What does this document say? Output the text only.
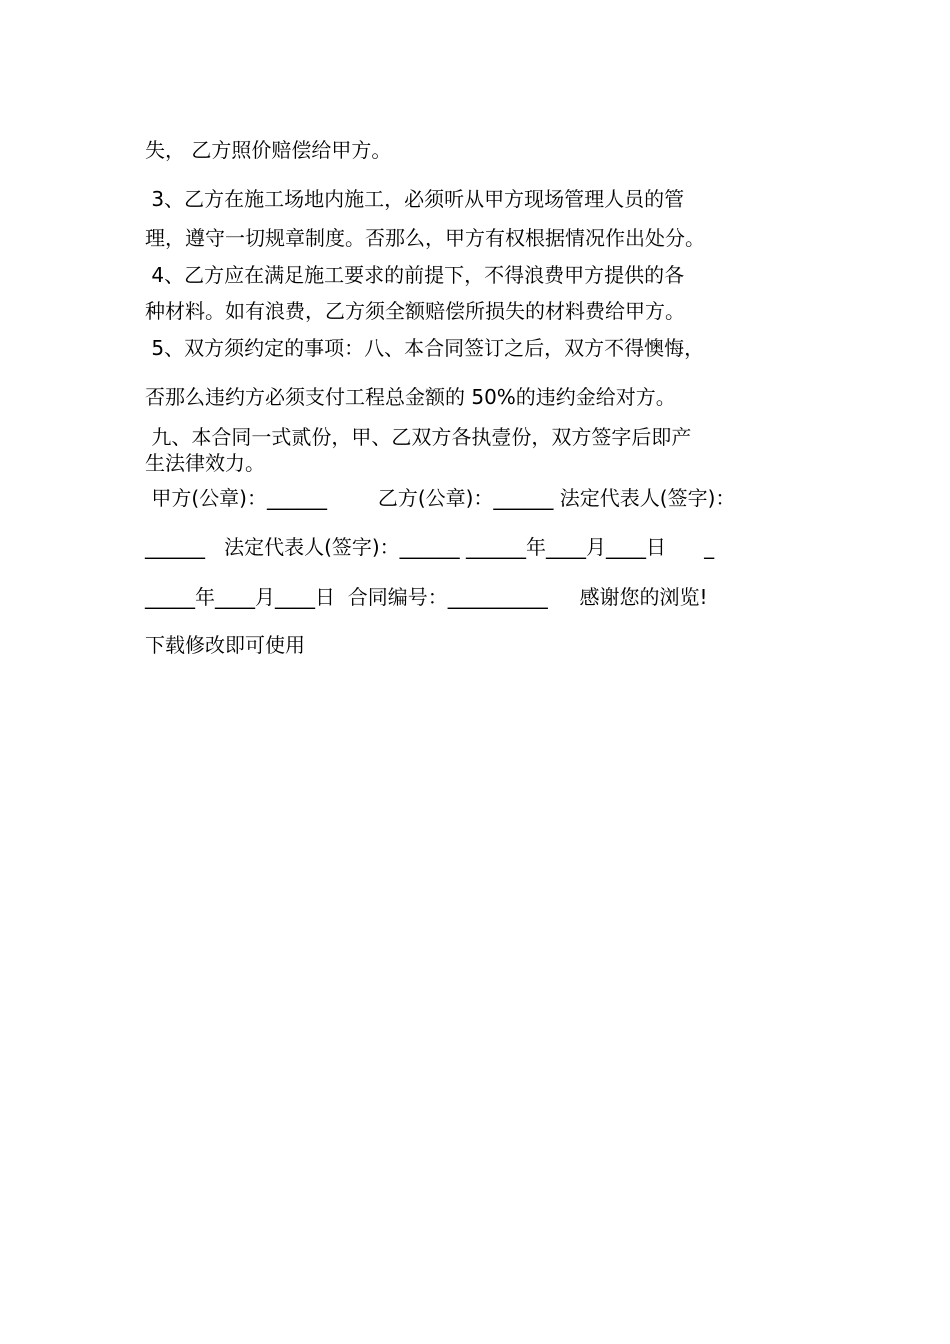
失， 乙方照价赔偿给甲方。
3、乙方在施工场地内施工，必须听从甲方现场管理人员的管
理，遵守一切规章制度。否那么，甲方有权根据情况作出处分。
4、乙方应在满足施工要求的前提下，不得浪费甲方提供的各
种材料。如有浪费，乙方须全额赔偿所损失的材料费给甲方。
5、双方须约定的事项：八、本合同签订之后，双方不得懊悔，
否那么违约方必须支付工程总金额的 50%的违约金给对方。
九、本合同一式贰份，甲、乙双方各执壹份，双方签字后即产
生法律效力。
甲方(公章)：______        乙方(公章)：______ 法定代表人(签字)：
______   法定代表人(签字)：______ ______年____月____日      _
_____年____月____日  合同编号：__________     感谢您的浏览!
下载修改即可使用
